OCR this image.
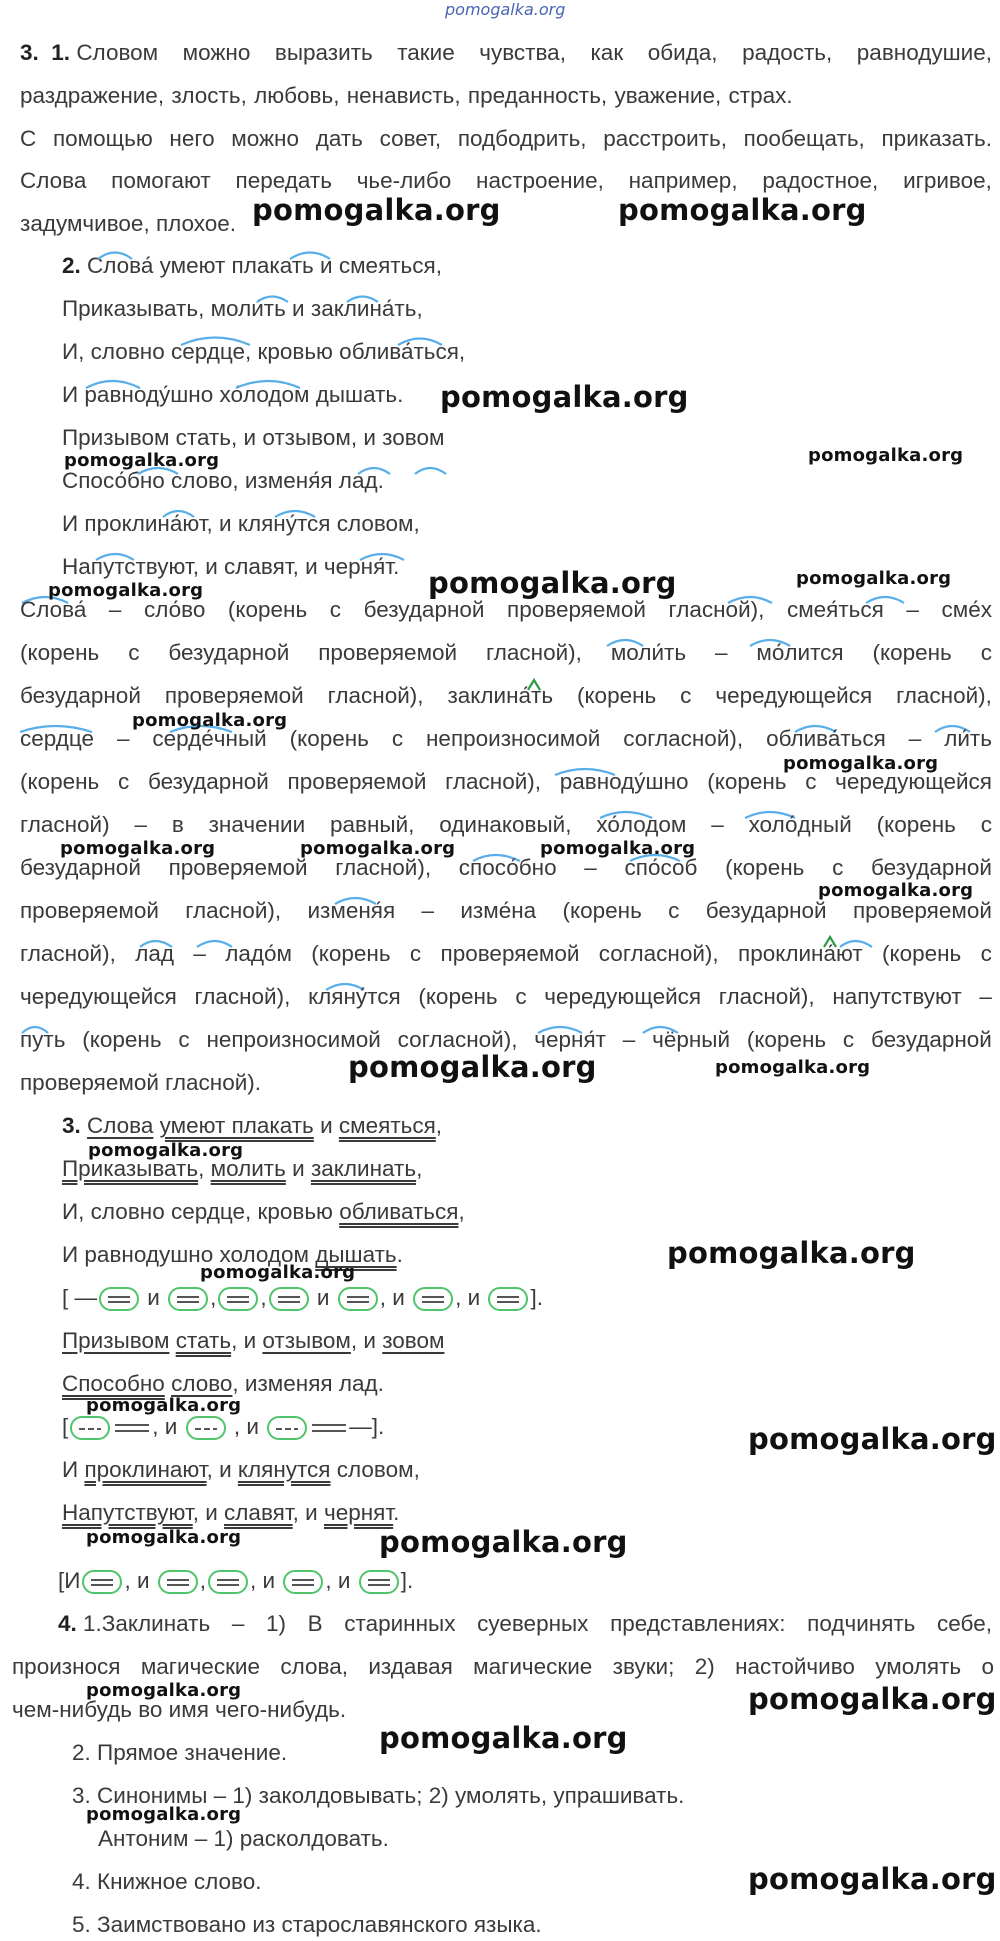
pomogalka.org
3. 1. Словом можно выразить такие чувства, как обида, радость, равнодушие,
раздражение, злость, любовь, ненависть, преданность, уважение, страх.
С помощью него можно дать совет, подбодрить, расстроить, пообещать, приказать.
Слова помогают передать чье-либо настроение, например, радостное, игривое,
задумчивое, плохое.
2. Слова́ умеют плакать и смеяться,
Приказывать, моли́ть и заклина́ть,
И, словно сердце, кровью облива́ться,
И равноду́шно хо́лодом дышать.
Призывом стать, и отзывом, и зовом
Спосо́бно слово, изменя́я лад.
И проклина́ют, и кляну́тся словом,
Напутствуют, и славят, и черня́т.
Слова́ – сло́во (корень с безударной проверяемой гласной), смея́ться – сме́х
(корень с безударной проверяемой гласной), моли́ть – мо́лится (корень с
безударной проверяемой гласной), заклина́ть (корень с чередующейся гласной),
сердце – серде́чный (корень с непроизносимой согласной), облива́ться – ли́ть
(корень с безударной проверяемой гласной), равноду́шно (корень с чередующейся
гласной) – в значении равный, одинаковый, хо́лодом – холо́дный (корень с
безударной проверяемой гласной), спосо́бно – спо́соб (корень с безударной
проверяемой гласной), изменя́я – изме́на (корень с безударной проверяемой
гласной), лад – ладо́м (корень с проверяемой согласной), проклина́ют (корень с
чередующейся гласной), кляну́тся (корень с чередующейся гласной), напутствуют –
путь (корень с непроизносимой согласной), черня́т – чёрный (корень с безударной
проверяемой гласной).
3. Слова умеют плакать и смеяться,
Приказывать, молить и заклинать,
И, словно сердце, кровью обливаться,
И равнодушно холодом дышать.
[ — и , , и , и , и ].
Призывом стать, и отзывом, и зовом
Способно слово, изменяя лад.
[	, и	, и	—].
И проклинают, и клянутся словом,
Напутствуют, и славят, и чернят.
[И , и , , и , и ].
4. 1.Заклинать – 1) В старинных суеверных представлениях: подчинять себе,
произнося магические слова, издавая магические звуки; 2) настойчиво умолять о
чем-нибудь во имя чего-нибудь.
2. Прямое значение.
3. Синонимы – 1) заколдовывать; 2) умолять, упрашивать.
Антоним – 1) расколдовать.
4. Книжное слово.
5. Заимствовано из старославянского языка.
pomogalka.org	pomogalka.org
pomogalka.org
pomogalka.org
pomogalka.org
pomogalka.org	pomogalka.org
pomogalka.org
pomogalka.org
pomogalka.org
pomogalka.org	pomogalka.org	pomogalka.org
pomogalka.org
pomogalka.org	pomogalka.org
pomogalka.org
pomogalka.org
pomogalka.org
pomogalka.org
pomogalka.org
pomogalka.org	pomogalka.org
pomogalka.org	pomogalka.org
pomogalka.org
pomogalka.org
pomogalka.org
